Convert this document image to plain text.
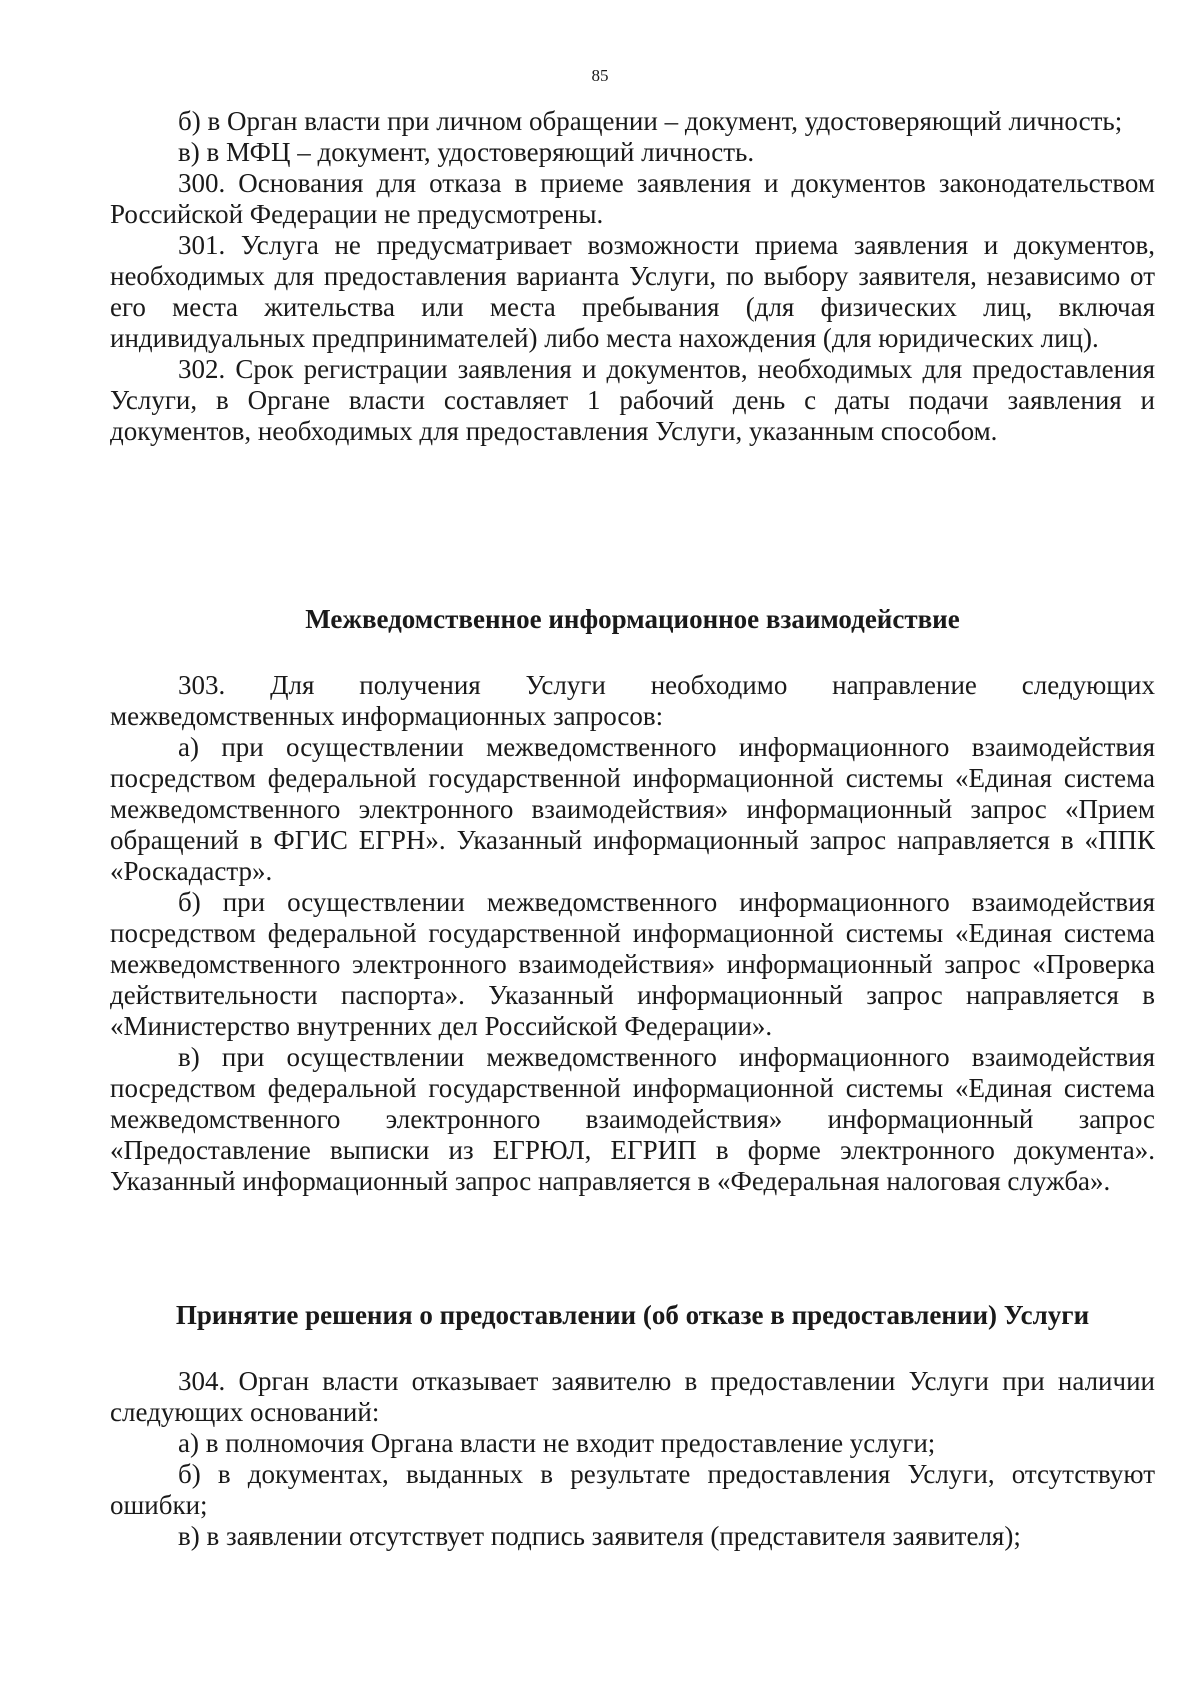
85

б) в Орган власти при личном обращении – документ, удостоверяющий личность;

в) в МФЦ – документ, удостоверяющий личность.

300. Основания для отказа в приеме заявления и документов законодательством Российской Федерации не предусмотрены.

301. Услуга не предусматривает возможности приема заявления и документов, необходимых для предоставления варианта Услуги, по выбору заявителя, независимо от его места жительства или места пребывания (для физических лиц, включая индивидуальных предпринимателей) либо места нахождения (для юридических лиц).

302. Срок регистрации заявления и документов, необходимых для предоставления Услуги, в Органе власти составляет 1 рабочий день с даты подачи заявления и документов, необходимых для предоставления Услуги, указанным способом.

Межведомственное информационное взаимодействие

303. Для получения Услуги необходимо направление следующих межведомственных информационных запросов:

а) при осуществлении межведомственного информационного взаимодействия посредством федеральной государственной информационной системы «Единая система межведомственного электронного взаимодействия» информационный запрос «Прием обращений в ФГИС ЕГРН». Указанный информационный запрос направляется в «ППК «Роскадастр».

б) при осуществлении межведомственного информационного взаимодействия посредством федеральной государственной информационной системы «Единая система межведомственного электронного взаимодействия» информационный запрос «Проверка действительности паспорта». Указанный информационный запрос направляется в «Министерство внутренних дел Российской Федерации».

в) при осуществлении межведомственного информационного взаимодействия посредством федеральной государственной информационной системы «Единая система межведомственного электронного взаимодействия» информационный запрос «Предоставление выписки из ЕГРЮЛ, ЕГРИП в форме электронного документа». Указанный информационный запрос направляется в «Федеральная налоговая служба».

Принятие решения о предоставлении (об отказе в предоставлении) Услуги

304. Орган власти отказывает заявителю в предоставлении Услуги при наличии следующих оснований:

а) в полномочия Органа власти не входит предоставление услуги;

б) в документах, выданных в результате предоставления Услуги, отсутствуют ошибки;

в) в заявлении отсутствует подпись заявителя (представителя заявителя);
